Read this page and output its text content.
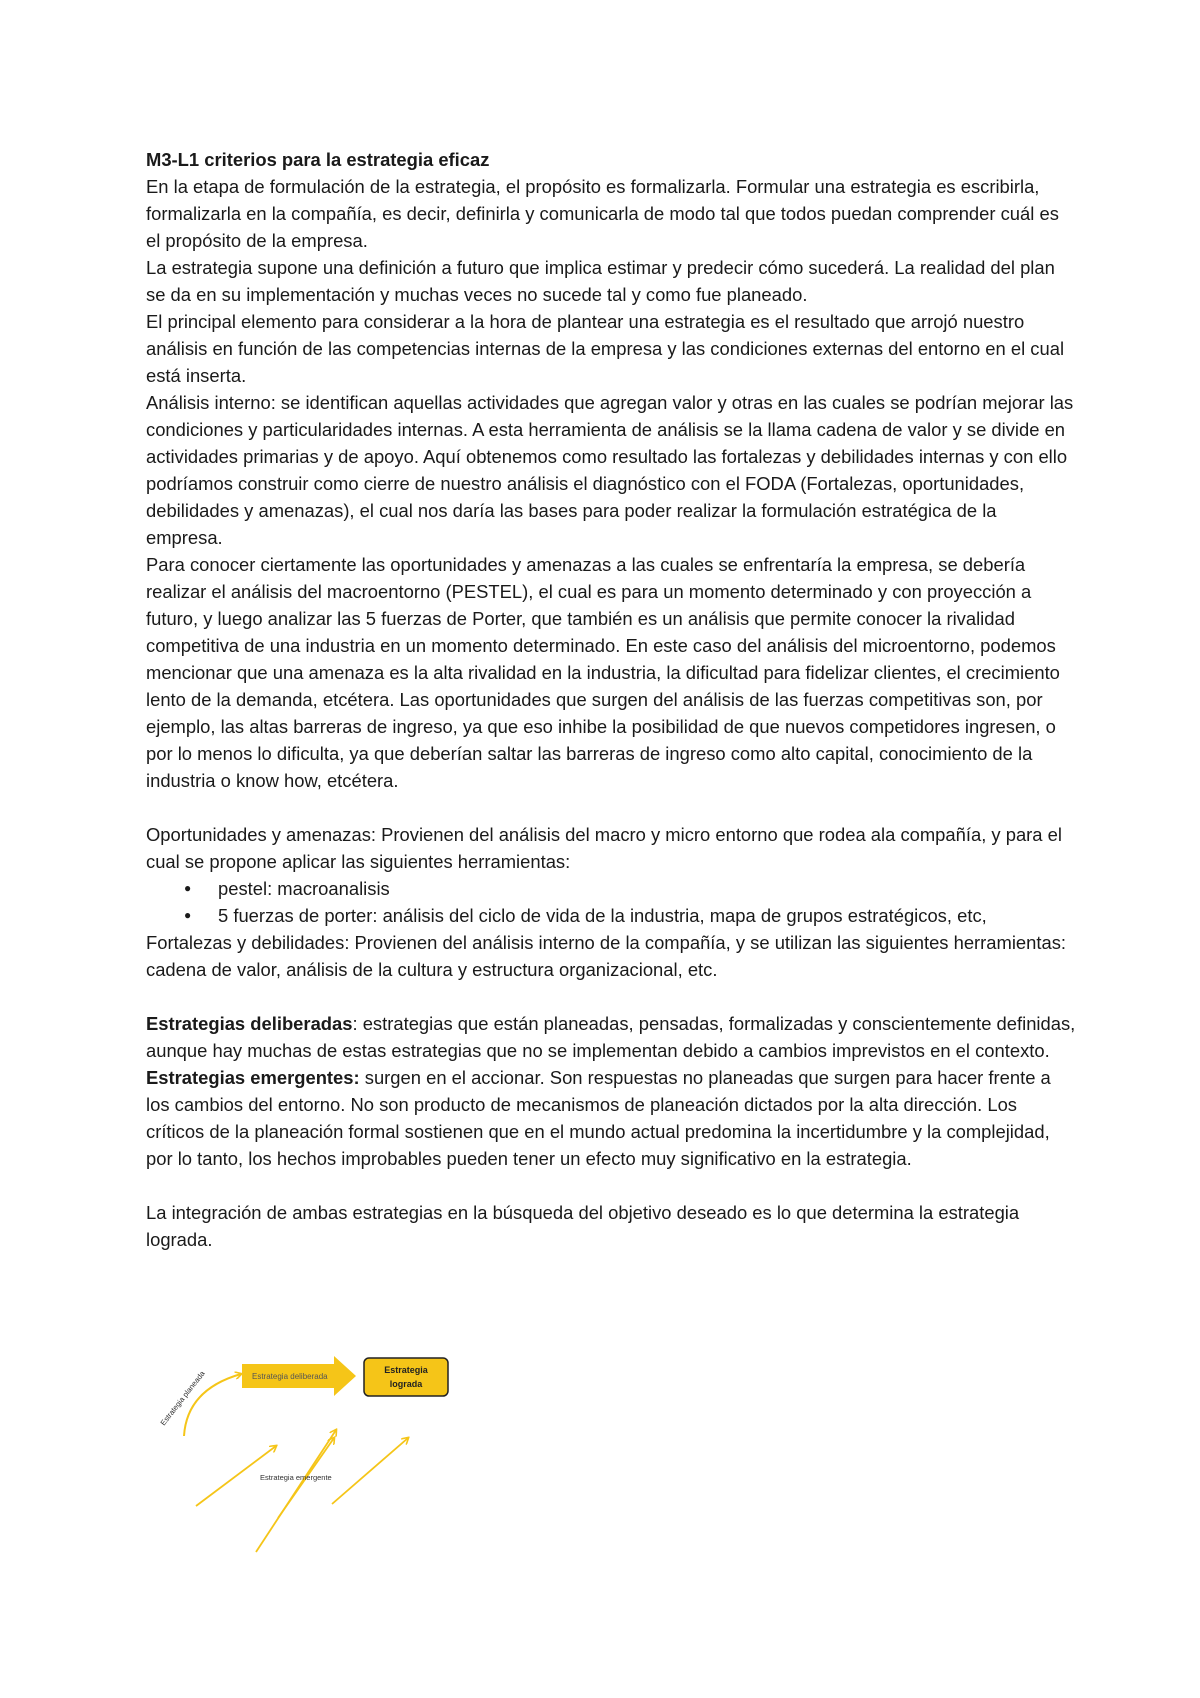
M3-L1 criterios para la estrategia eficaz

En la etapa de formulación de la estrategia, el propósito es formalizarla. Formular una estrategia es escribirla, formalizarla en la compañía, es decir, definirla y comunicarla de modo tal que todos puedan comprender cuál es el propósito de la empresa.

La estrategia supone una definición a futuro que implica estimar y predecir cómo sucederá. La realidad del plan se da en su implementación y muchas veces no sucede tal y como fue planeado.

El principal elemento para considerar a la hora de plantear una estrategia es el resultado que arrojó nuestro análisis en función de las competencias internas de la empresa y las condiciones externas del entorno en el cual está inserta.

Análisis interno: se identifican aquellas actividades que agregan valor y otras en las cuales se podrían mejorar las condiciones y particularidades internas. A esta herramienta de análisis se la llama cadena de valor y se divide en actividades primarias y de apoyo. Aquí obtenemos como resultado las fortalezas y debilidades internas y con ello podríamos construir como cierre de nuestro análisis el diagnóstico con el FODA (Fortalezas, oportunidades, debilidades y amenazas), el cual nos daría las bases para poder realizar la formulación estratégica de la empresa.

Para conocer ciertamente las oportunidades y amenazas a las cuales se enfrentaría la empresa, se debería realizar el análisis del macroentorno (PESTEL), el cual es para un momento determinado y con proyección a futuro, y luego analizar las 5 fuerzas de Porter, que también es un análisis que permite conocer la rivalidad competitiva de una industria en un momento determinado. En este caso del análisis del microentorno, podemos mencionar que una amenaza es la alta rivalidad en la industria, la dificultad para fidelizar clientes, el crecimiento lento de la demanda, etcétera. Las oportunidades que surgen del análisis de las fuerzas competitivas son, por ejemplo, las altas barreras de ingreso, ya que eso inhibe la posibilidad de que nuevos competidores ingresen, o por lo menos lo dificulta, ya que deberían saltar las barreras de ingreso como alto capital, conocimiento de la industria o know how, etcétera.

Oportunidades y amenazas: Provienen del análisis del macro y micro entorno que rodea ala compañía, y para el cual se propone aplicar las siguientes herramientas:

● pestel: macroanalisis
● 5 fuerzas de porter: análisis del ciclo de vida de la industria, mapa de grupos estratégicos, etc,

Fortalezas y debilidades: Provienen del análisis interno de la compañía, y se utilizan las siguientes herramientas: cadena de valor, análisis de la cultura y estructura organizacional, etc.

Estrategias deliberadas: estrategias que están planeadas, pensadas, formalizadas y conscientemente definidas, aunque hay muchas de estas estrategias que no se implementan debido a cambios imprevistos en el contexto.

Estrategias emergentes: surgen en el accionar. Son respuestas no planeadas que surgen para hacer frente a los cambios del entorno. No son producto de mecanismos de planeación dictados por la alta dirección. Los críticos de la planeación formal sostienen que en el mundo actual predomina la incertidumbre y la complejidad, por lo tanto, los hechos improbables pueden tener un efecto muy significativo en la estrategia.

La integración de ambas estrategias en la búsqueda del objetivo deseado es lo que determina la estrategia lograda.

Estrategia planeada	Estrategia deliberada
Estrategia
lograda
Estrategia emergente
